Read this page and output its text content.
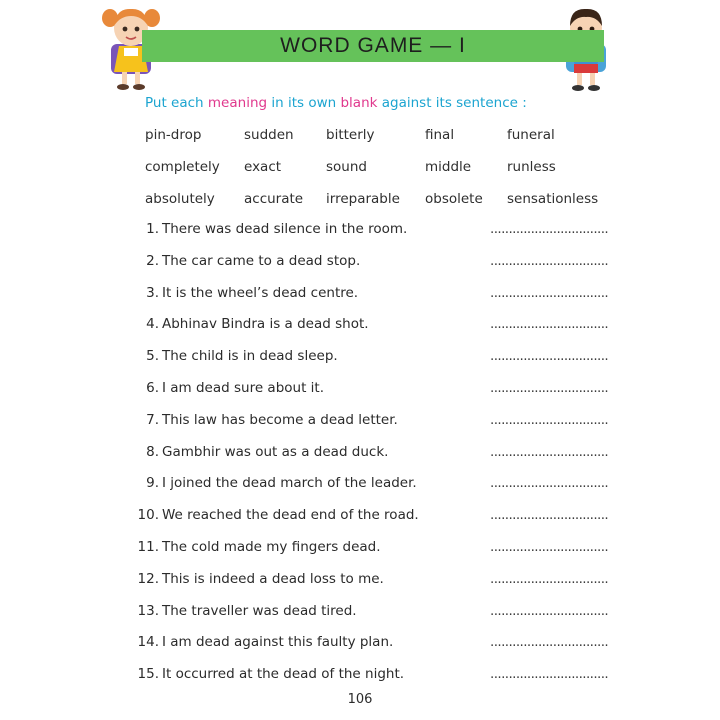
WORD GAME — I
Put each meaning in its own blank against its sentence :
pin-drop	sudden bitterly	final	funeral
completely exact	sound	middle	runless
absolutely accurate irreparable obsolete sensationless
1. There was dead silence in the room.	................................
2. The car came to a dead stop.	................................
3. It is the wheel’s dead centre.	................................
4. Abhinav Bindra is a dead shot.	................................
5. The child is in dead sleep.	................................
6. I am dead sure about it.	................................
7. This law has become a dead letter.	................................
8. Gambhir was out as a dead duck.	................................
9. I joined the dead march of the leader.	................................
10. We reached the dead end of the road.	................................
11. The cold made my fingers dead.	................................
12. This is indeed a dead loss to me.	................................
13. The traveller was dead tired.	................................
14. I am dead against this faulty plan.	................................
15. It occurred at the dead of the night.	................................
106
